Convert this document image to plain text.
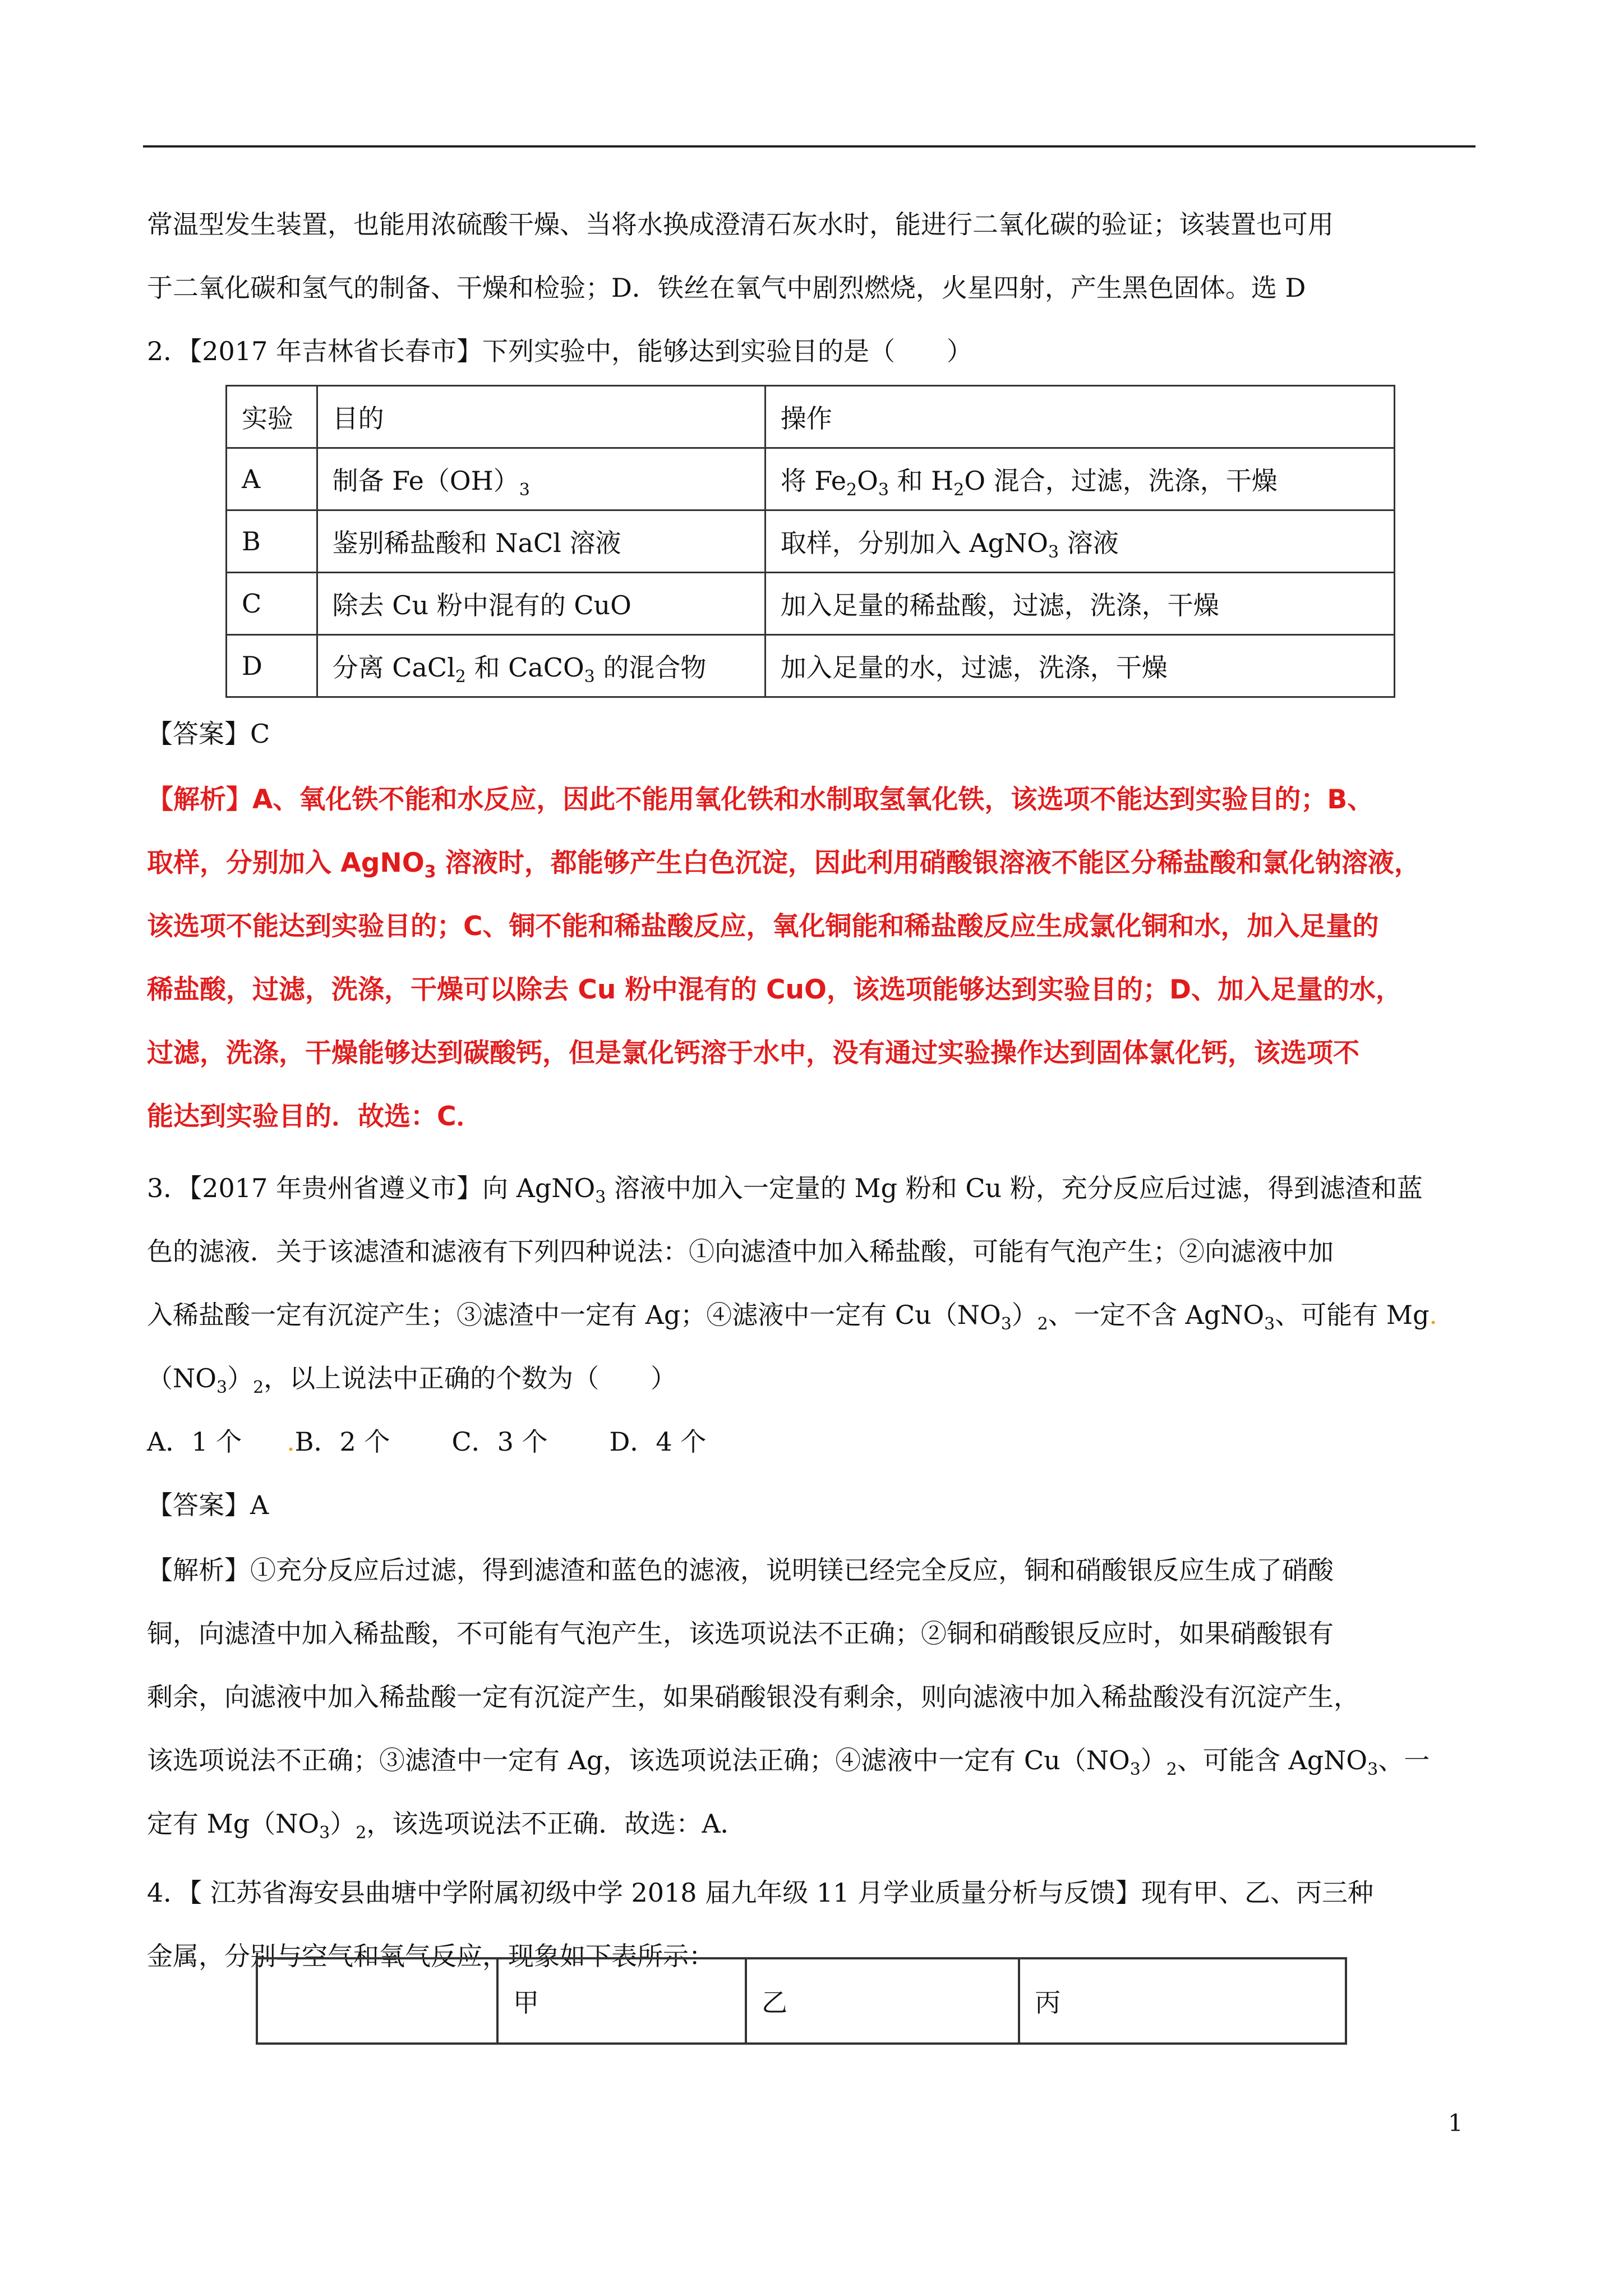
常温型发生装置，也能用浓硫酸干燥、当将水换成澄清石灰水时，能进行二氧化碳的验证；该装置也可用
于二氧化碳和氢气的制备、干燥和检验；D．铁丝在氧气中剧烈燃烧，火星四射，产生黑色固体。选 D
2．【2017 年吉林省长春市】下列实验中，能够达到实验目的是（　　）
实验	目的	操作
A	制备 $Fe(OH)_3$	将 $Fe_2O_3$ 和 $H_2O$ 混合，过滤，洗涤，干燥
B	鉴别稀盐酸和 NaCl 溶液	取样，分别加入 AgNO$_3$ 溶液
C	除去 Cu 粉中混有的 CuO	加入足量的稀盐酸，过滤，洗涤，干燥
D	分离 CaCl$_2$ 和 CaCO$_3$ 的混合物	加入足量的水，过滤，洗涤，干燥
【答案】C
【解析】A、氧化铁不能和水反应，因此不能用氧化铁和水制取氢氧化铁，该选项不能达到实验目的；B、
取样，分别加入 AgNO$_3$ 溶液时，都能够产生白色沉淀，因此利用硝酸银溶液不能区分稀盐酸和氯化钠溶液，
该选项不能达到实验目的；C、铜不能和稀盐酸反应，氧化铜能和稀盐酸反应生成氯化铜和水，加入足量的
稀盐酸，过滤，洗涤，干燥可以除去 Cu 粉中混有的 CuO，该选项能够达到实验目的；D、加入足量的水，
过滤，洗涤，干燥能够达到碳酸钙，但是氯化钙溶于水中，没有通过实验操作达到固体氯化钙，该选项不
能达到实验目的．故选：C．
3．【2017 年贵州省遵义市】向 AgNO$_3$ 溶液中加入一定量的 Mg 粉和 Cu 粉，充分反应后过滤，得到滤渣和蓝
色的滤液．关于该滤渣和滤液有下列四种说法：①向滤渣中加入稀盐酸，可能有气泡产生；②向滤液中加
入稀盐酸一定有沉淀产生；③滤渣中一定有 Ag；④滤液中一定有 $Cu(NO_3)_2$、一定不含 AgNO$_3$、可能有 Mg.
$(NO_3)_2$，以上说法中正确的个数为（　　）
A．1 个 .B．2 个 C．3 个 D．4 个
【答案】A
【解析】①充分反应后过滤，得到滤渣和蓝色的滤液，说明镁已经完全反应，铜和硝酸银反应生成了硝酸
铜，向滤渣中加入稀盐酸，不可能有气泡产生，该选项说法不正确；②铜和硝酸银反应时，如果硝酸银有
剩余，向滤液中加入稀盐酸一定有沉淀产生，如果硝酸银没有剩余，则向滤液中加入稀盐酸没有沉淀产生，
该选项说法不正确；③滤渣中一定有 Ag，该选项说法正确；④滤液中一定有 $Cu(NO_3)_2$、可能含 AgNO$_3$、一
定有 $Mg(NO_3)_2$，该选项说法不正确．故选：A．
4．【 江苏省海安县曲塘中学附属初级中学 2018 届九年级 11 月学业质量分析与反馈】现有甲、乙、丙三种
金属，分别与空气和氧气反应，现象如下表所示：
	甲	乙	丙
1
